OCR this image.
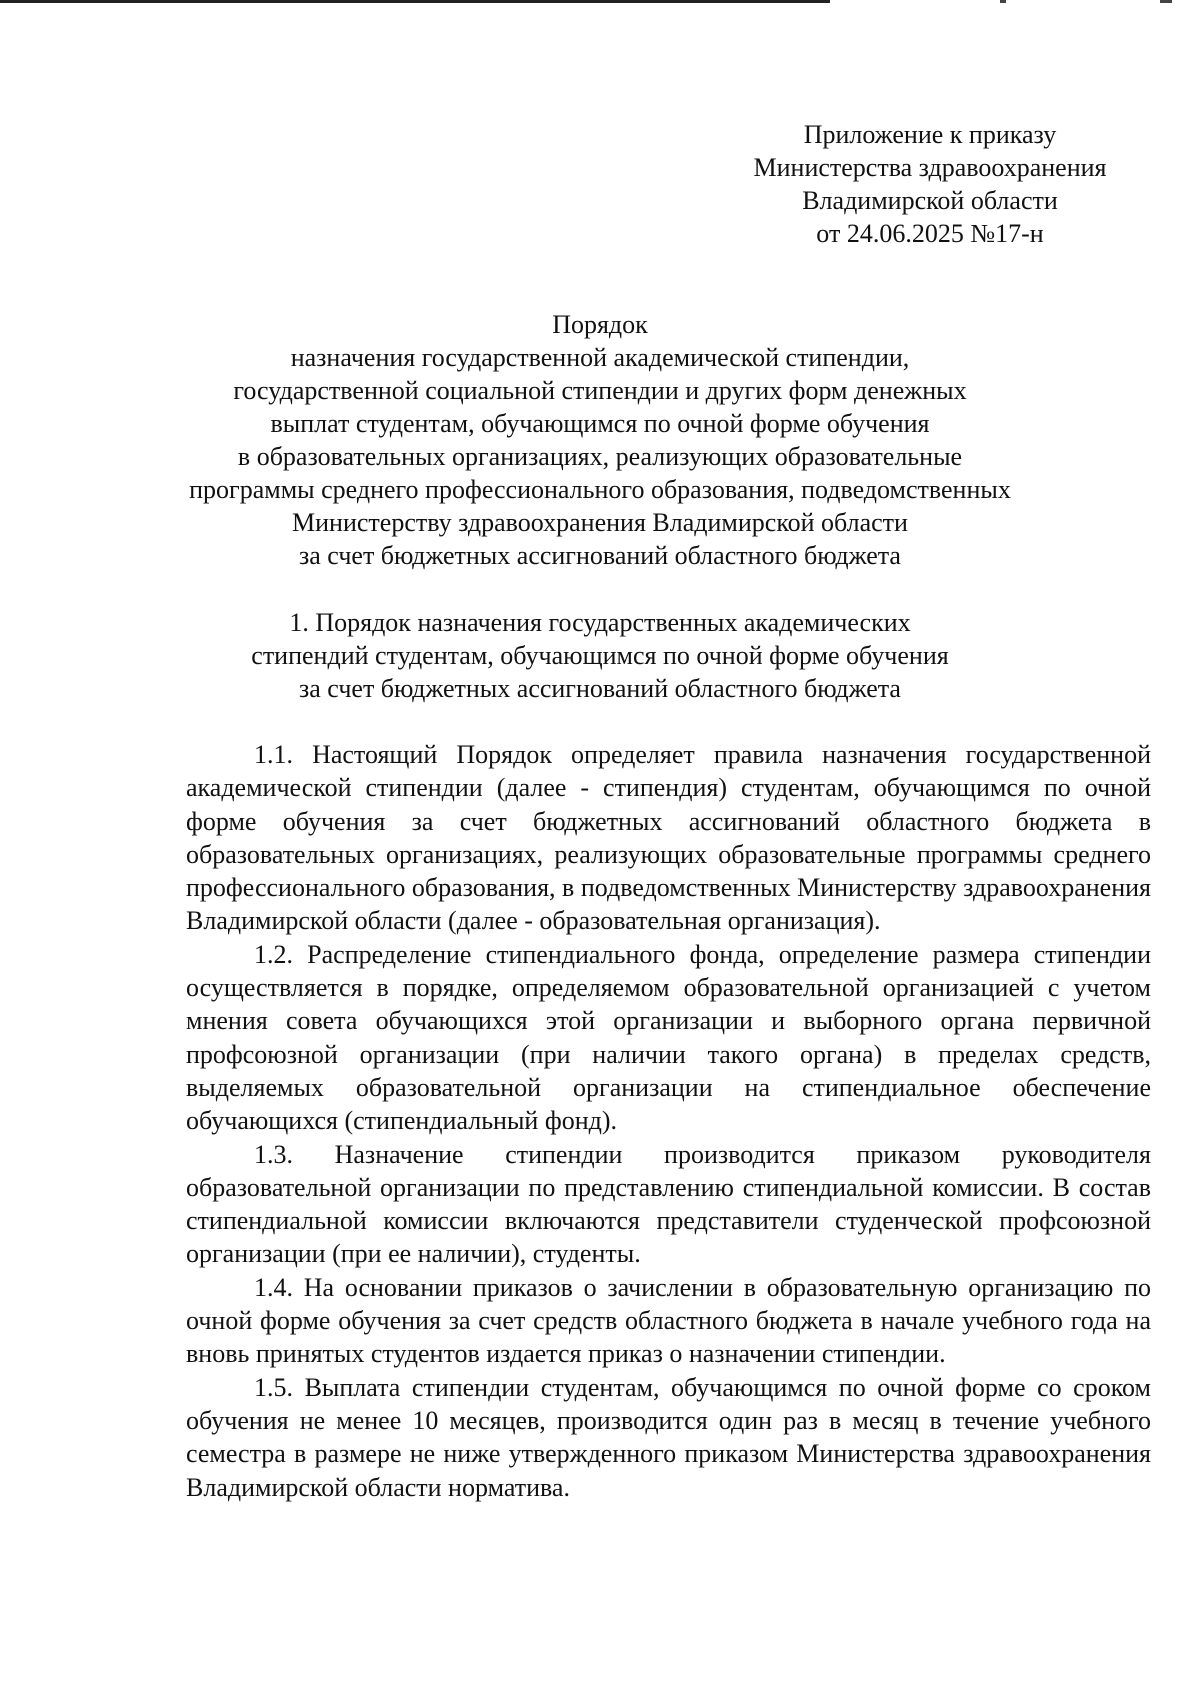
Приложение к приказу
Министерства здравоохранения
Владимирской области
от 24.06.2025 №17-н
Порядок
назначения государственной академической стипендии,
государственной социальной стипендии и других форм денежных
выплат студентам, обучающимся по очной форме обучения
в образовательных организациях, реализующих образовательные
программы среднего профессионального образования, подведомственных
Министерству здравоохранения Владимирской области
за счет бюджетных ассигнований областного бюджета
1. Порядок назначения государственных академических
стипендий студентам, обучающимся по очной форме обучения
за счет бюджетных ассигнований областного бюджета

1.1. Настоящий Порядок определяет правила назначения государственной академической стипендии (далее - стипендия) студентам, обучающимся по очной форме обучения за счет бюджетных ассигнований областного бюджета в образовательных организациях, реализующих образовательные программы среднего профессионального образования, в подведомственных Министерству здравоохранения Владимирской области (далее - образовательная организация).

1.2. Распределение стипендиального фонда, определение размера стипендии осуществляется в порядке, определяемом образовательной организацией с учетом мнения совета обучающихся этой организации и выборного органа первичной профсоюзной организации (при наличии такого органа) в пределах средств, выделяемых образовательной организации на стипендиальное обеспечение обучающихся (стипендиальный фонд).

1.3. Назначение стипендии производится приказом руководителя образовательной организации по представлению стипендиальной комиссии. В состав стипендиальной комиссии включаются представители студенческой профсоюзной организации (при ее наличии), студенты.

1.4. На основании приказов о зачислении в образовательную организацию по очной форме обучения за счет средств областного бюджета в начале учебного года на вновь принятых студентов издается приказ о назначении стипендии.

1.5. Выплата стипендии студентам, обучающимся по очной форме со сроком обучения не менее 10 месяцев, производится один раз в месяц в течение учебного семестра в размере не ниже утвержденного приказом Министерства здравоохранения Владимирской области норматива.
